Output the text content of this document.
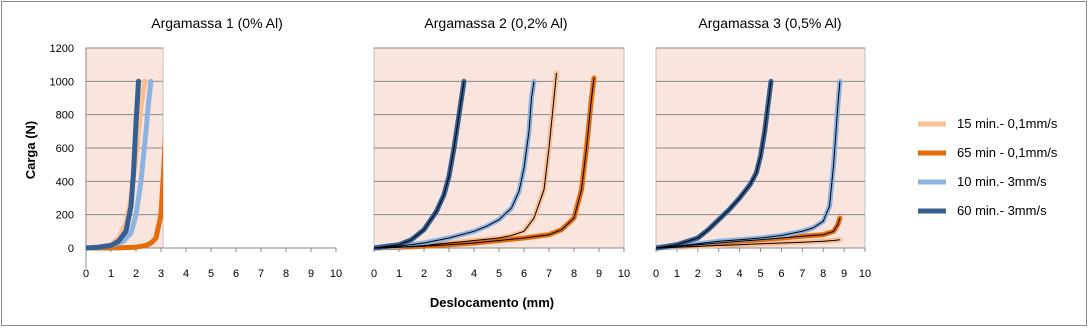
Carga (N)
Deslocamento (mm)
Argamassa 1 (0% Al)
0 1 2 3 4 5 6 7 8 9 10
0
200
400
600
800
1000
1200
Argamassa 2 (0,2% Al)
0 1 2 3 4 5 6 7 8 9 10
Argamassa 3 (0,5% Al)
0 1 2 3 4 5 6 7 8 9 10
15 min.- 0,1mm/s
65 min - 0,1mm/s
10 min.- 3mm/s
60 min.- 3mm/s
